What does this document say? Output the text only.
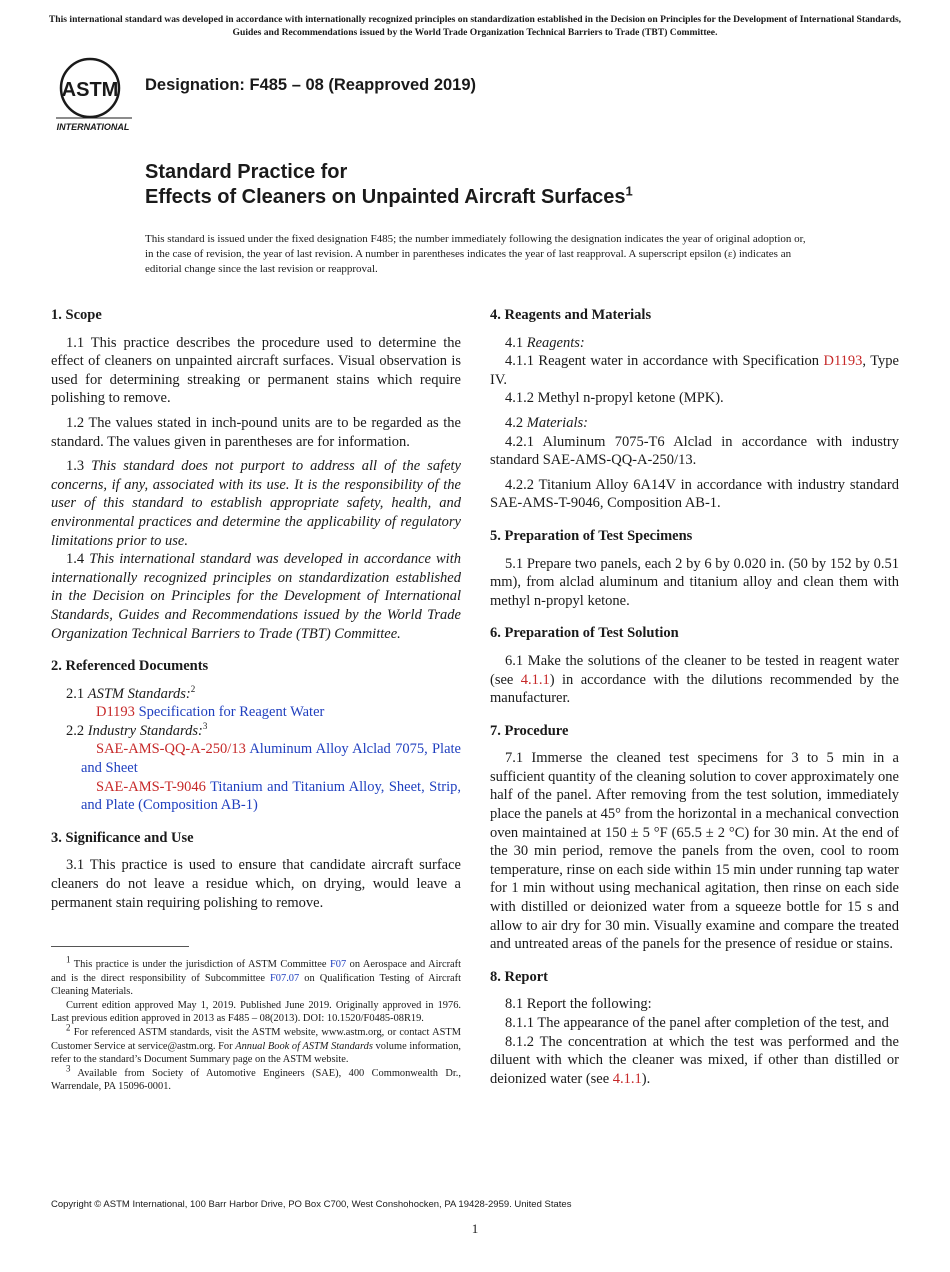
This international standard was developed in accordance with internationally recognized principles on standardization established in the Decision on Principles for the Development of International Standards, Guides and Recommendations issued by the World Trade Organization Technical Barriers to Trade (TBT) Committee.
ASTM
INTERNATIONAL
Designation: F485 – 08 (Reapproved 2019)
Standard Practice for
Effects of Cleaners on Unpainted Aircraft Surfaces$^1$
This standard is issued under the fixed designation F485; the number immediately following the designation indicates the year of original adoption or, in the case of revision, the year of last revision. A number in parentheses indicates the year of last reapproval. A superscript epsilon (ε) indicates an editorial change since the last revision or reapproval.
1. Scope

1.1 This practice describes the procedure used to determine the effect of cleaners on unpainted aircraft surfaces. Visual observation is used for determining streaking or permanent stains which require polishing to remove.

1.2 The values stated in inch-pound units are to be regarded as the standard. The values given in parentheses are for information.

1.3 This standard does not purport to address all of the safety concerns, if any, associated with its use. It is the responsibility of the user of this standard to establish appropriate safety, health, and environmental practices and determine the applicability of regulatory limitations prior to use.

1.4 This international standard was developed in accordance with internationally recognized principles on standardization established in the Decision on Principles for the Development of International Standards, Guides and Recommendations issued by the World Trade Organization Technical Barriers to Trade (TBT) Committee.

2. Referenced Documents

2.1 ASTM Standards:$^2$

D1193 Specification for Reagent Water

2.2 Industry Standards:$^3$

SAE-AMS-QQ-A-250/13 Aluminum Alloy Alclad 7075, Plate and Sheet

SAE-AMS-T-9046 Titanium and Titanium Alloy, Sheet, Strip, and Plate (Composition AB-1)

3. Significance and Use

3.1 This practice is used to ensure that candidate aircraft surface cleaners do not leave a residue which, on drying, would leave a permanent stain requiring polishing to remove.

$^1$ This practice is under the jurisdiction of ASTM Committee F07 on Aerospace and Aircraft and is the direct responsibility of Subcommittee F07.07 on Qualification Testing of Aircraft Cleaning Materials.

Current edition approved May 1, 2019. Published June 2019. Originally approved in 1976. Last previous edition approved in 2013 as F485 – 08(2013). DOI: 10.1520/F0485-08R19.

$^2$ For referenced ASTM standards, visit the ASTM website, www.astm.org, or contact ASTM Customer Service at service@astm.org. For Annual Book of ASTM Standards volume information, refer to the standard’s Document Summary page on the ASTM website.

$^3$ Available from Society of Automotive Engineers (SAE), 400 Commonwealth Dr., Warrendale, PA 15096-0001.

4. Reagents and Materials

4.1 Reagents:

4.1.1 Reagent water in accordance with Specification D1193, Type IV.

4.1.2 Methyl n-propyl ketone (MPK).

4.2 Materials:

4.2.1 Aluminum 7075-T6 Alclad in accordance with industry standard SAE-AMS-QQ-A-250/13.

4.2.2 Titanium Alloy 6A14V in accordance with industry standard SAE-AMS-T-9046, Composition AB-1.

5. Preparation of Test Specimens

5.1 Prepare two panels, each 2 by 6 by 0.020 in. (50 by 152 by 0.51 mm), from alclad aluminum and titanium alloy and clean them with methyl n-propyl ketone.

6. Preparation of Test Solution

6.1 Make the solutions of the cleaner to be tested in reagent water (see 4.1.1) in accordance with the dilutions recommended by the manufacturer.

7. Procedure

7.1 Immerse the cleaned test specimens for 3 to 5 min in a sufficient quantity of the cleaning solution to cover approximately one half of the panel. After removing from the test solution, immediately place the panels at 45° from the horizontal in a mechanical convection oven maintained at 150 ± 5 °F (65.5 ± 2 °C) for 30 min. At the end of the 30 min period, remove the panels from the oven, cool to room temperature, rinse on each side within 15 min under running tap water for 1 min without using mechanical agitation, then rinse on each side with distilled or deionized water from a squeeze bottle for 15 s and allow to air dry for 30 min. Visually examine and compare the treated and untreated areas of the panels for the presence of residue or stains.

8. Report

8.1 Report the following:

8.1.1 The appearance of the panel after completion of the test, and

8.1.2 The concentration at which the test was performed and the diluent with which the cleaner was mixed, if other than distilled or deionized water (see 4.1.1).

Copyright © ASTM International, 100 Barr Harbor Drive, PO Box C700, West Conshohocken, PA 19428-2959. United States
1
